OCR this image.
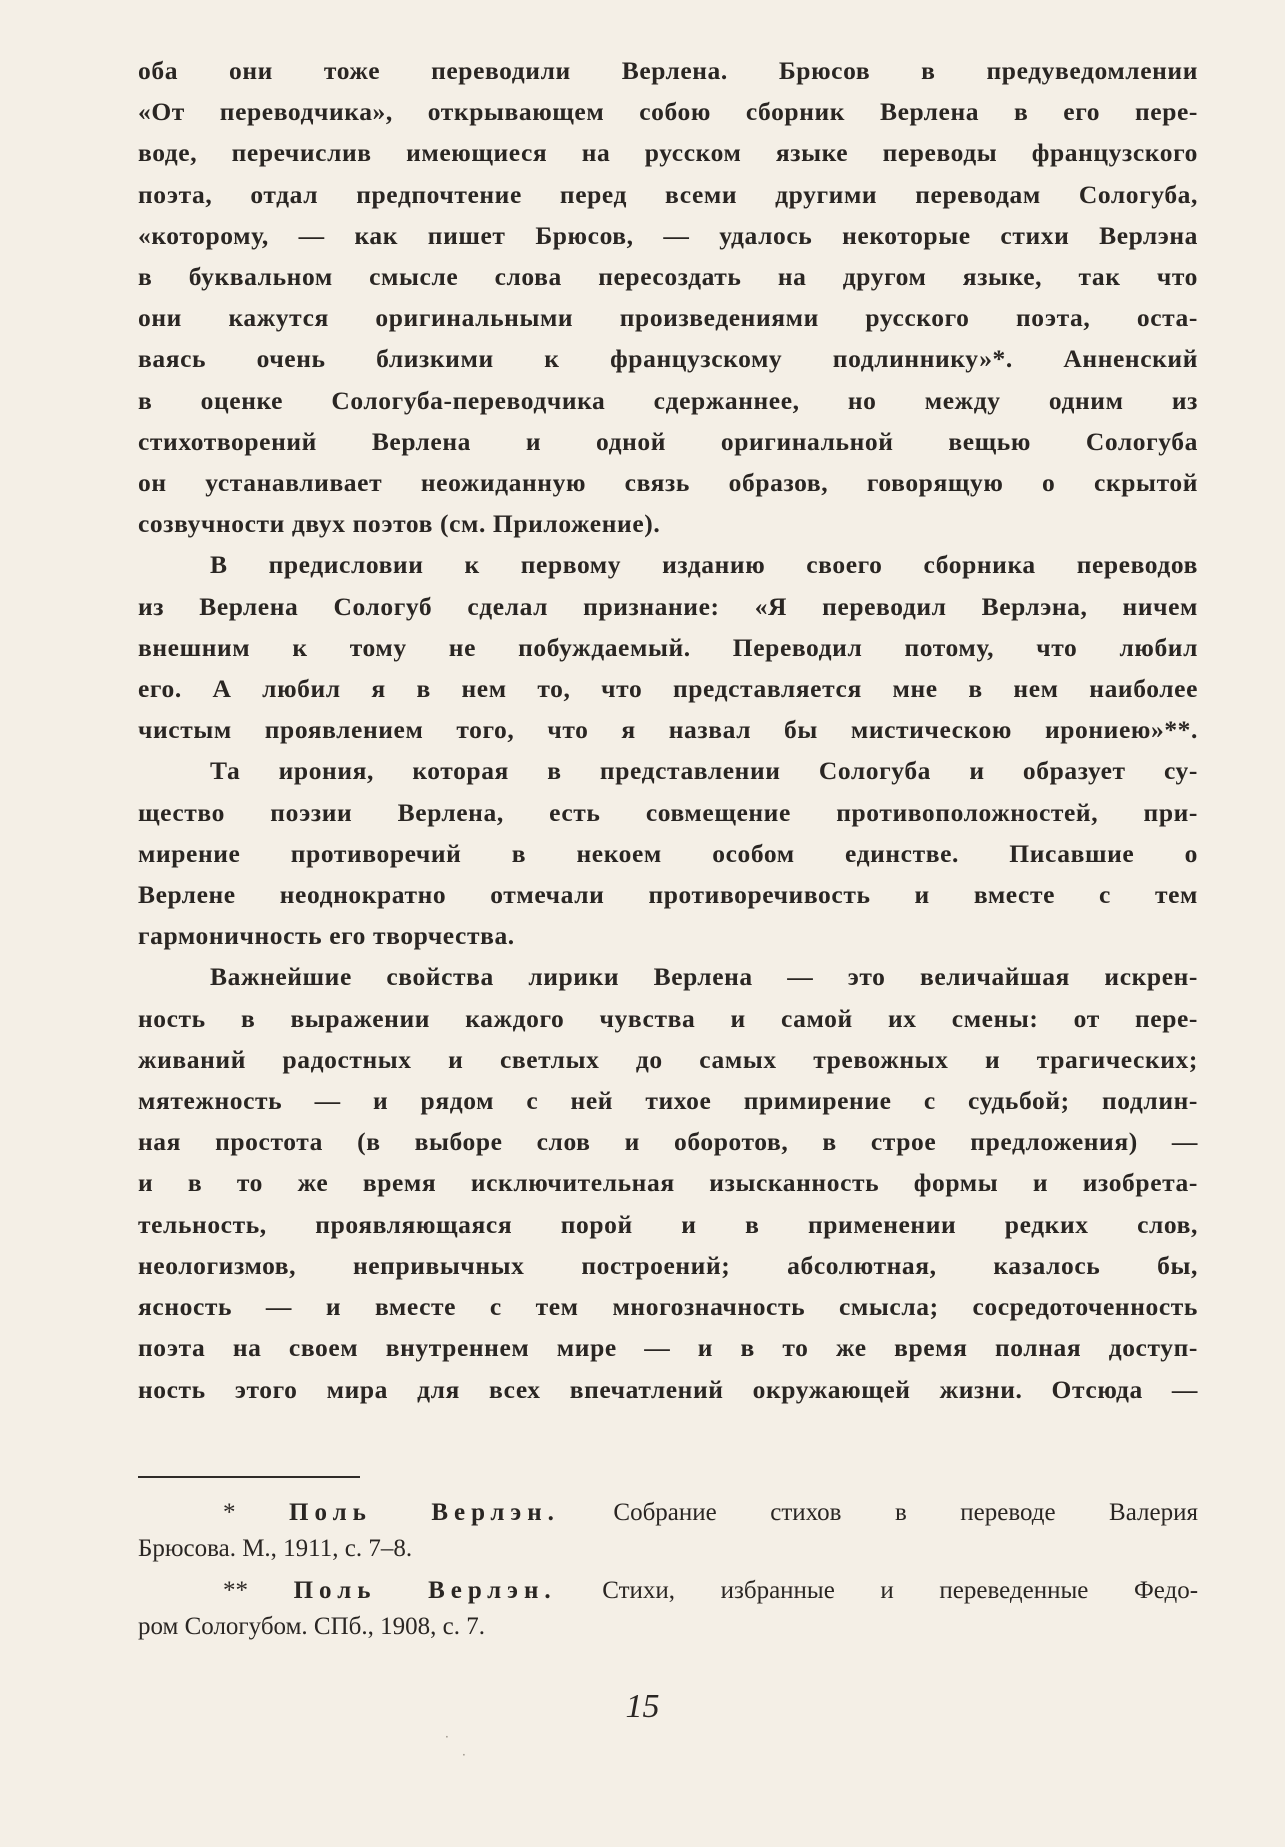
оба они тоже переводили Верлена. Брюсов в предуведомлении
«От переводчика», открывающем собою сборник Верлена в его пере-
воде, перечислив имеющиеся на русском языке переводы французского
поэта, отдал предпочтение перед всеми другими переводам Сологуба,
«которому, — как пишет Брюсов, — удалось некоторые стихи Верлэна
в буквальном смысле слова пересоздать на другом языке, так что
они кажутся оригинальными произведениями русского поэта, оста-
ваясь очень близкими к французскому подлиннику»*. Анненский
в оценке Сологуба-переводчика сдержаннее, но между одним из
стихотворений Верлена и одной оригинальной вещью Сологуба
он устанавливает неожиданную связь образов, говорящую о скрытой
созвучности двух поэтов (см. Приложение).

В предисловии к первому изданию своего сборника переводов
из Верлена Сологуб сделал признание: «Я переводил Верлэна, ничем
внешним к тому не побуждаемый. Переводил потому, что любил
его. А любил я в нем то, что представляется мне в нем наиболее
чистым проявлением того, что я назвал бы мистическою ирониею»**.

Та ирония, которая в представлении Сологуба и образует су-
щество поэзии Верлена, есть совмещение противоположностей, при-
мирение противоречий в некоем особом единстве. Писавшие о
Верлене неоднократно отмечали противоречивость и вместе с тем
гармоничность его творчества.

Важнейшие свойства лирики Верлена — это величайшая искрен-
ность в выражении каждого чувства и самой их смены: от пере-
живаний радостных и светлых до самых тревожных и трагических;
мятежность — и рядом с ней тихое примирение с судьбой; подлин-
ная простота (в выборе слов и оборотов, в строе предложения) —
и в то же время исключительная изысканность формы и изобрета-
тельность, проявляющаяся порой и в применении редких слов,
неологизмов, непривычных построений; абсолютная, казалось бы,
ясность — и вместе с тем многозначность смысла; сосредоточенность
поэта на своем внутреннем мире — и в то же время полная доступ-
ность этого мира для всех впечатлений окружающей жизни. Отсюда —

* Поль Верлэн. Собрание стихов в переводе Валерия
Брюсова. М., 1911, с. 7–8.
** Поль Верлэн. Стихи, избранные и переведенные Федо-
ром Сологубом. СПб., 1908, с. 7.
15
·
·
